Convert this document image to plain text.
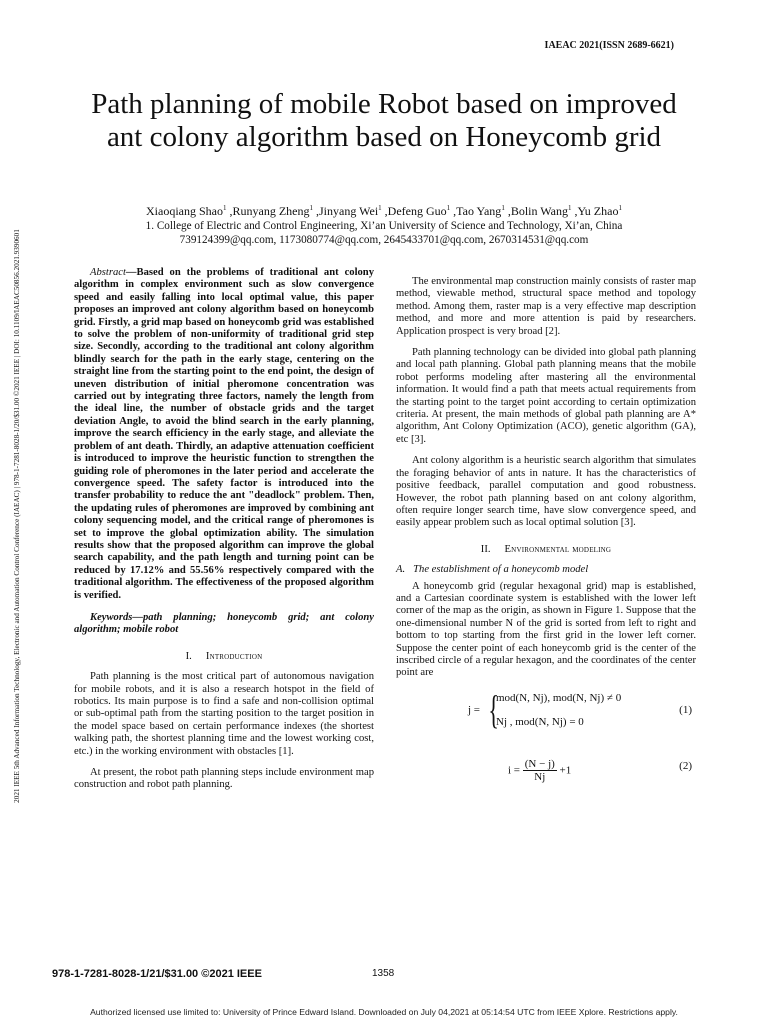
IAEAC 2021(ISSN 2689-6621)
2021 IEEE 5th Advanced Information Technology, Electronic and Automation Control Conference (IAEAC) | 978-1-7281-8028-1/20/$31.00 ©2021 IEEE | DOI: 10.1109/IAEAC50856.2021.9390601
Path planning of mobile Robot based on improved ant colony algorithm based on Honeycomb grid
Xiaoqiang Shao$^1$ ,Runyang Zheng$^1$ ,Jinyang Wei$^1$ ,Defeng Guo$^1$ ,Tao Yang$^1$ ,Bolin Wang$^1$ ,Yu Zhao$^1$
1. College of Electric and Control Engineering, Xi’an University of Science and Technology, Xi’an, China
739124399@qq.com, 1173080774@qq.com, 2645433701@qq.com, 2670314531@qq.com

Abstract—Based on the problems of traditional ant colony algorithm in complex environment such as slow convergence speed and easily falling into local optimal value, this paper proposes an improved ant colony algorithm based on honeycomb grid. Firstly, a grid map based on honeycomb grid was established to solve the problem of non-uniformity of traditional grid step size. Secondly, according to the traditional ant colony algorithm blindly search for the path in the early stage, centering on the straight line from the starting point to the end point, the design of uneven distribution of initial pheromone concentration was carried out by integrating three factors, namely the length from the ideal line, the number of obstacle grids and the target deviation Angle, to avoid the blind search in the early planning, improve the search efficiency in the early stage, and alleviate the problem of ant death. Thirdly, an adaptive attenuation coefficient is introduced to improve the heuristic function to strengthen the guiding role of pheromones in the later period and accelerate the convergence speed. The safety factor is introduced into the transfer probability to reduce the ant "deadlock" problem. Then, the updating rules of pheromones are improved by combining ant colony sequencing model, and the critical range of pheromones is set to improve the global optimization ability. The simulation results show that the proposed algorithm can improve the global search capability, and the path length and turning point can be reduced by 17.12% and 55.56% respectively compared with the traditional algorithm. The effectiveness of the proposed algorithm is verified.

Keywords—path planning; honeycomb grid; ant colony algorithm; mobile robot

I. Introduction

Path planning is the most critical part of autonomous navigation for mobile robots, and it is also a research hotspot in the field of robotics. Its main purpose is to find a safe and non-collision optimal or sub-optimal path from the starting position to the target position in the model space based on certain performance indexes (the shortest walking path, the shortest planning time and the lowest working cost, etc.) in the working environment with obstacles [1].

At present, the robot path planning steps include environment map construction and robot path planning.

The environmental map construction mainly consists of raster map method, viewable method, structural space method and topology method. Among them, raster map is a very effective map description method, and more and more attention is paid by researchers. Application prospect is very broad [2].

Path planning technology can be divided into global path planning and local path planning. Global path planning means that the mobile robot performs modeling after mastering all the environmental information. It would find a path that meets actual requirements from the starting point to the target point according to certain optimization criteria. At present, the main methods of global path planning are A* algorithm, Ant Colony Optimization (ACO), genetic algorithm (GA), etc [3].

Ant colony algorithm is a heuristic search algorithm that simulates the foraging behavior of ants in nature. It has the characteristics of positive feedback, parallel computation and good robustness. However, the robot path planning based on ant colony algorithm, often require longer search time, have slow convergence speed, and easily appear problem such as local optimal solution [3].

II. Environmental modeling
A. The establishment of a honeycomb model

A honeycomb grid (regular hexagonal grid) map is established, and a Cartesian coordinate system is established with the lower left corner of the map as the origin, as shown in Figure 1. Suppose that the one-dimensional number N of the grid is sorted from left to right and bottom to top starting from the first grid in the lower left corner. Suppose the center point of each honeycomb grid is the center of the inscribed circle of a regular hexagon, and the coordinates of the center point are

j = {
mod(N, Nj), mod(N, Nj) ≠ 0
Nj , mod(N, Nj) = 0
(1)
$i = \frac{(N - j)}{Nj} +1$	(2)
978-1-7281-8028-1/21/$31.00 ©2021 IEEE	1358
Authorized licensed use limited to: University of Prince Edward Island. Downloaded on July 04,2021 at 05:14:54 UTC from IEEE Xplore. Restrictions apply.
